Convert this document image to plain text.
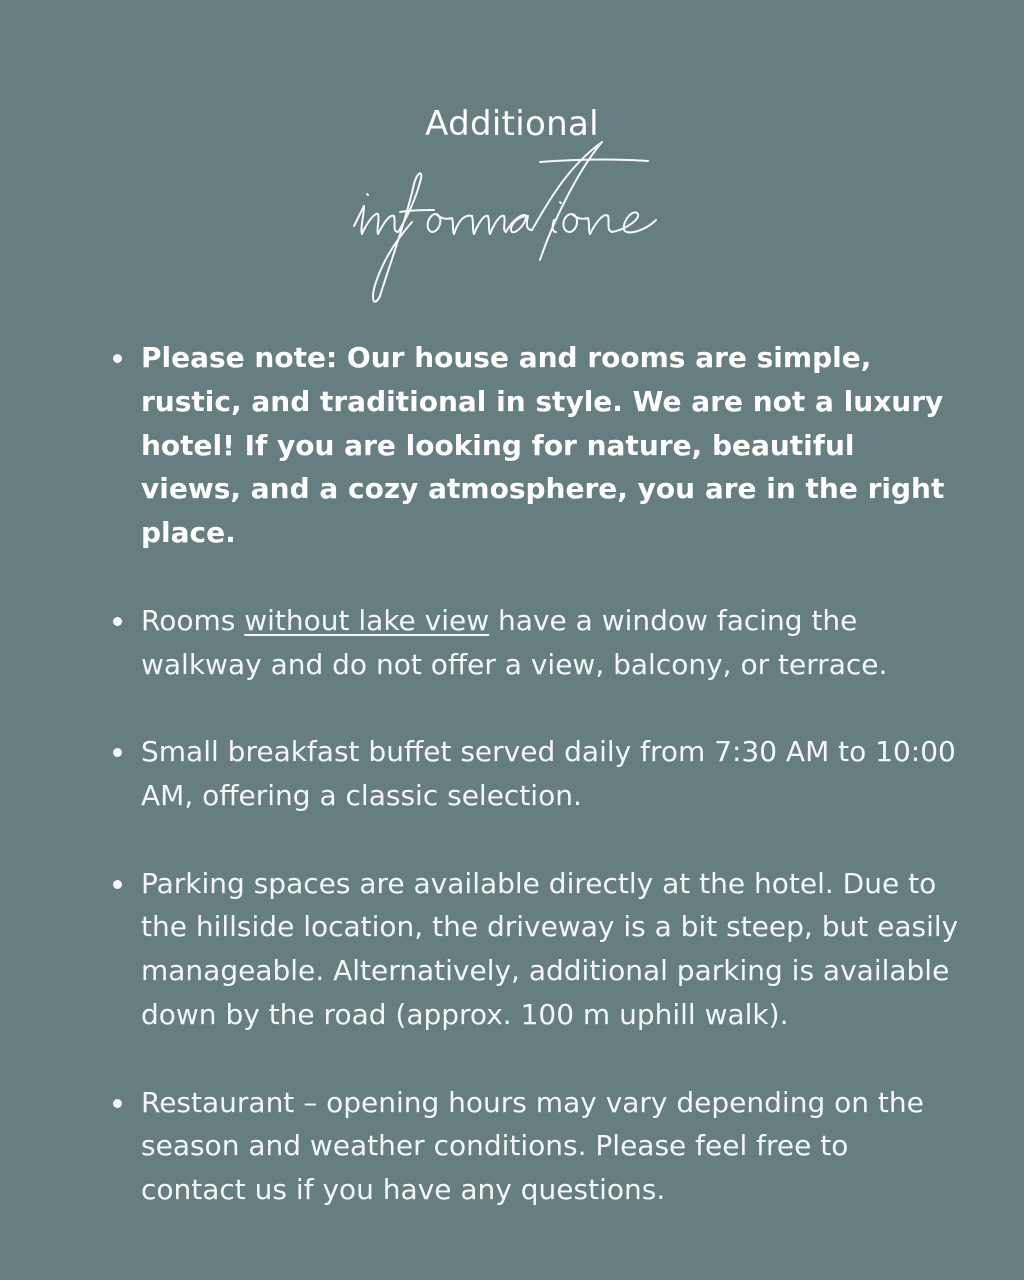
Additional
Please note: Our house and rooms are simple, rustic, and traditional in style. We are not a luxury hotel! If you are looking for nature, beautiful views, and a cozy atmosphere, you are in the right place.
Rooms without lake view have a window facing the walkway and do not offer a view, balcony, or terrace.
Small breakfast buffet served daily from 7:30 AM to 10:00 AM, offering a classic selection.
Parking spaces are available directly at the hotel. Due to the hillside location, the driveway is a bit steep, but easily manageable. Alternatively, additional parking is available down by the road (approx. 100 m uphill walk).
Restaurant – opening hours may vary depending on the season and weather conditions. Please feel free to contact us if you have any questions.
